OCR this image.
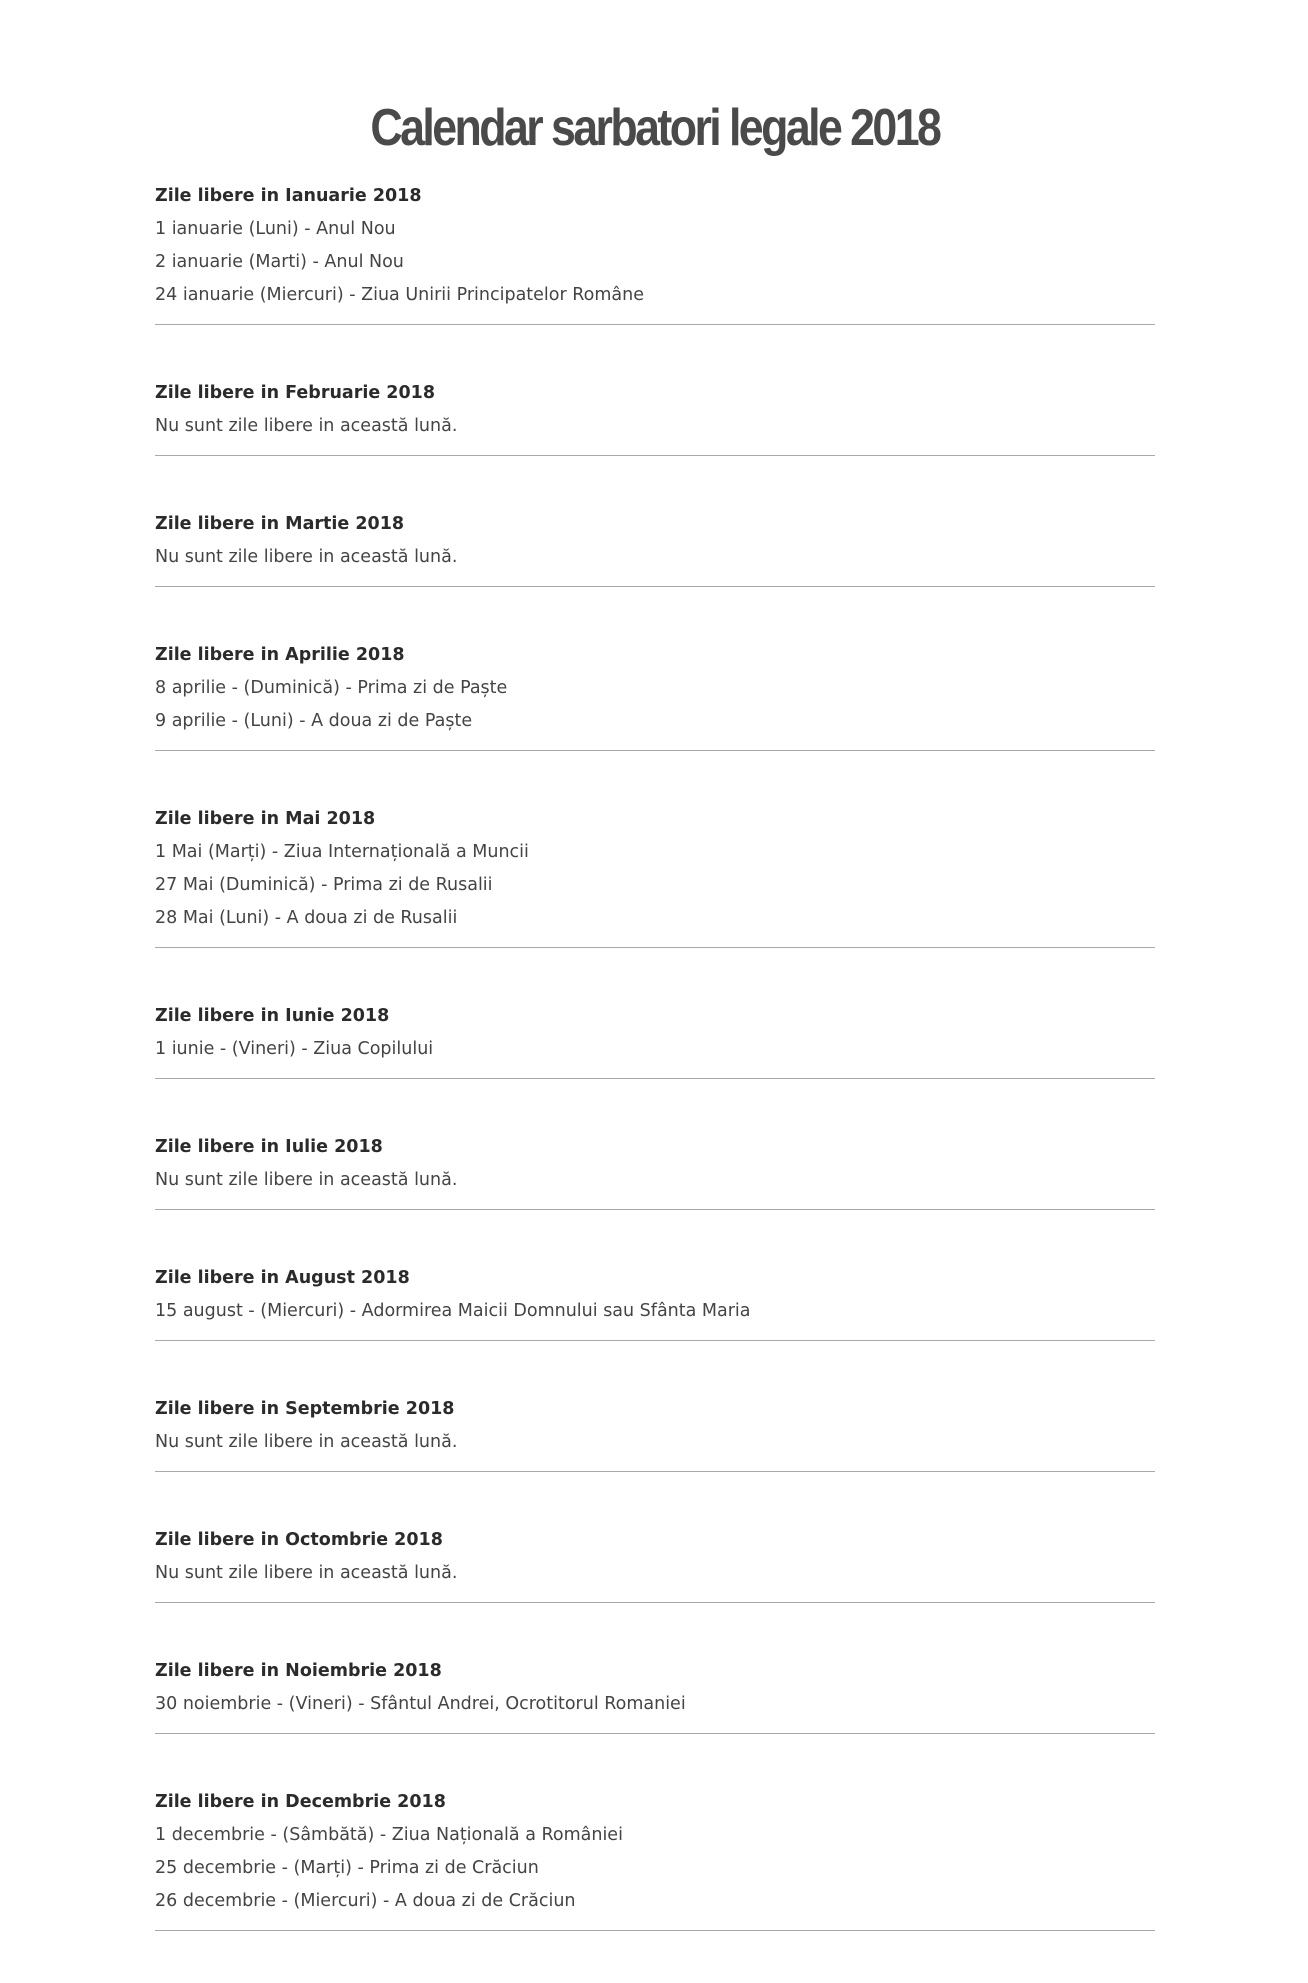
Calendar sarbatori legale 2018
Zile libere in Ianuarie 2018
1 ianuarie (Luni) - Anul Nou
2 ianuarie (Marti) - Anul Nou
24 ianuarie (Miercuri) - Ziua Unirii Principatelor Române
Zile libere in Februarie 2018
Nu sunt zile libere in această lună.
Zile libere in Martie 2018
Nu sunt zile libere in această lună.
Zile libere in Aprilie 2018
8 aprilie - (Duminică) - Prima zi de Paște
9 aprilie - (Luni) - A doua zi de Paște
Zile libere in Mai 2018
1 Mai (Marți) - Ziua Internațională a Muncii
27 Mai (Duminică) - Prima zi de Rusalii
28 Mai (Luni) - A doua zi de Rusalii
Zile libere in Iunie 2018
1 iunie - (Vineri) - Ziua Copilului
Zile libere in Iulie 2018
Nu sunt zile libere in această lună.
Zile libere in August 2018
15 august - (Miercuri) - Adormirea Maicii Domnului sau Sfânta Maria
Zile libere in Septembrie 2018
Nu sunt zile libere in această lună.
Zile libere in Octombrie 2018
Nu sunt zile libere in această lună.
Zile libere in Noiembrie 2018
30 noiembrie - (Vineri) - Sfântul Andrei, Ocrotitorul Romaniei
Zile libere in Decembrie 2018
1 decembrie - (Sâmbătă) - Ziua Națională a României
25 decembrie - (Marți) - Prima zi de Crăciun
26 decembrie - (Miercuri) - A doua zi de Crăciun
